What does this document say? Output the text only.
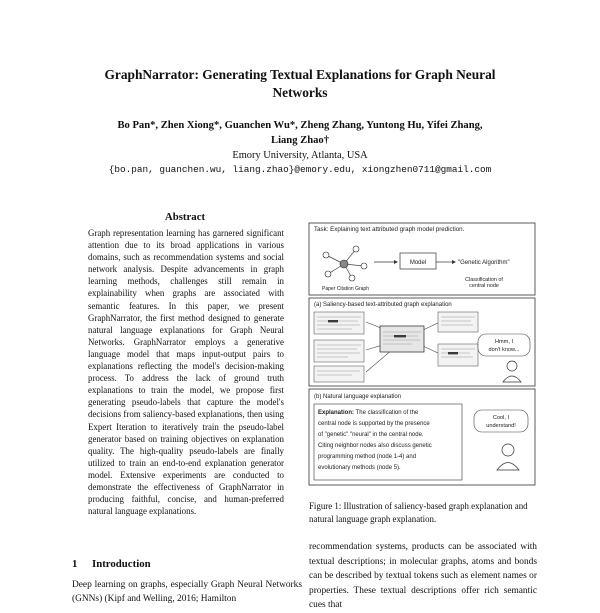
GraphNarrator: Generating Textual Explanations for Graph Neural
Networks
Bo Pan*, Zhen Xiong*, Guanchen Wu*, Zheng Zhang, Yuntong Hu, Yifei Zhang,
Liang Zhao†
Emory University, Atlanta, USA
{bo.pan, guanchen.wu, liang.zhao}@emory.edu, xiongzhen0711@gmail.com
Abstract
Graph representation learning has garnered significant attention due to its broad applications in various domains, such as recommendation systems and social network analysis. Despite advancements in graph learning methods, challenges still remain in explainability when graphs are associated with semantic features. In this paper, we present GraphNarrator, the first method designed to generate natural language explanations for Graph Neural Networks. GraphNarrator employs a generative language model that maps input-output pairs to explanations reflecting the model's decision-making process. To address the lack of ground truth explanations to train the model, we propose first generating pseudo-labels that capture the model's decisions from saliency-based explanations, then using Expert Iteration to iteratively train the pseudo-label generator based on training objectives on explanation quality. The high-quality pseudo-labels are finally utilized to train an end-to-end explanation generator model. Extensive experiments are conducted to demonstrate the effectiveness of GraphNarrator in producing faithful, concise, and human-preferred natural language explanations.
1 Introduction
Deep learning on graphs, especially Graph Neural Networks (GNNs) (Kipf and Welling, 2016; Hamilton
Task: Explaining text attributed graph model prediction.
Paper Citation Graph
Model	"Genetic Algorithm"
Classification of
central node
(a) Saliency-based text-attributed graph explanation
Hmm, I
don't know...
(b) Natural language explanation
Explanation: The classification of the
central node is supported by the presence
of "genetic" "neural" in the central node.
Citing neighbor nodes also discuss genetic
programming method (node 1-4) and
evolutionary methods (node 5).
Cool, I
understand!
Figure 1: Illustration of saliency-based graph explanation and natural language graph explanation.
recommendation systems, products can be associated with textual descriptions; in molecular graphs, atoms and bonds can be described by textual tokens such as element names or properties. These textual descriptions offer rich semantic cues that
